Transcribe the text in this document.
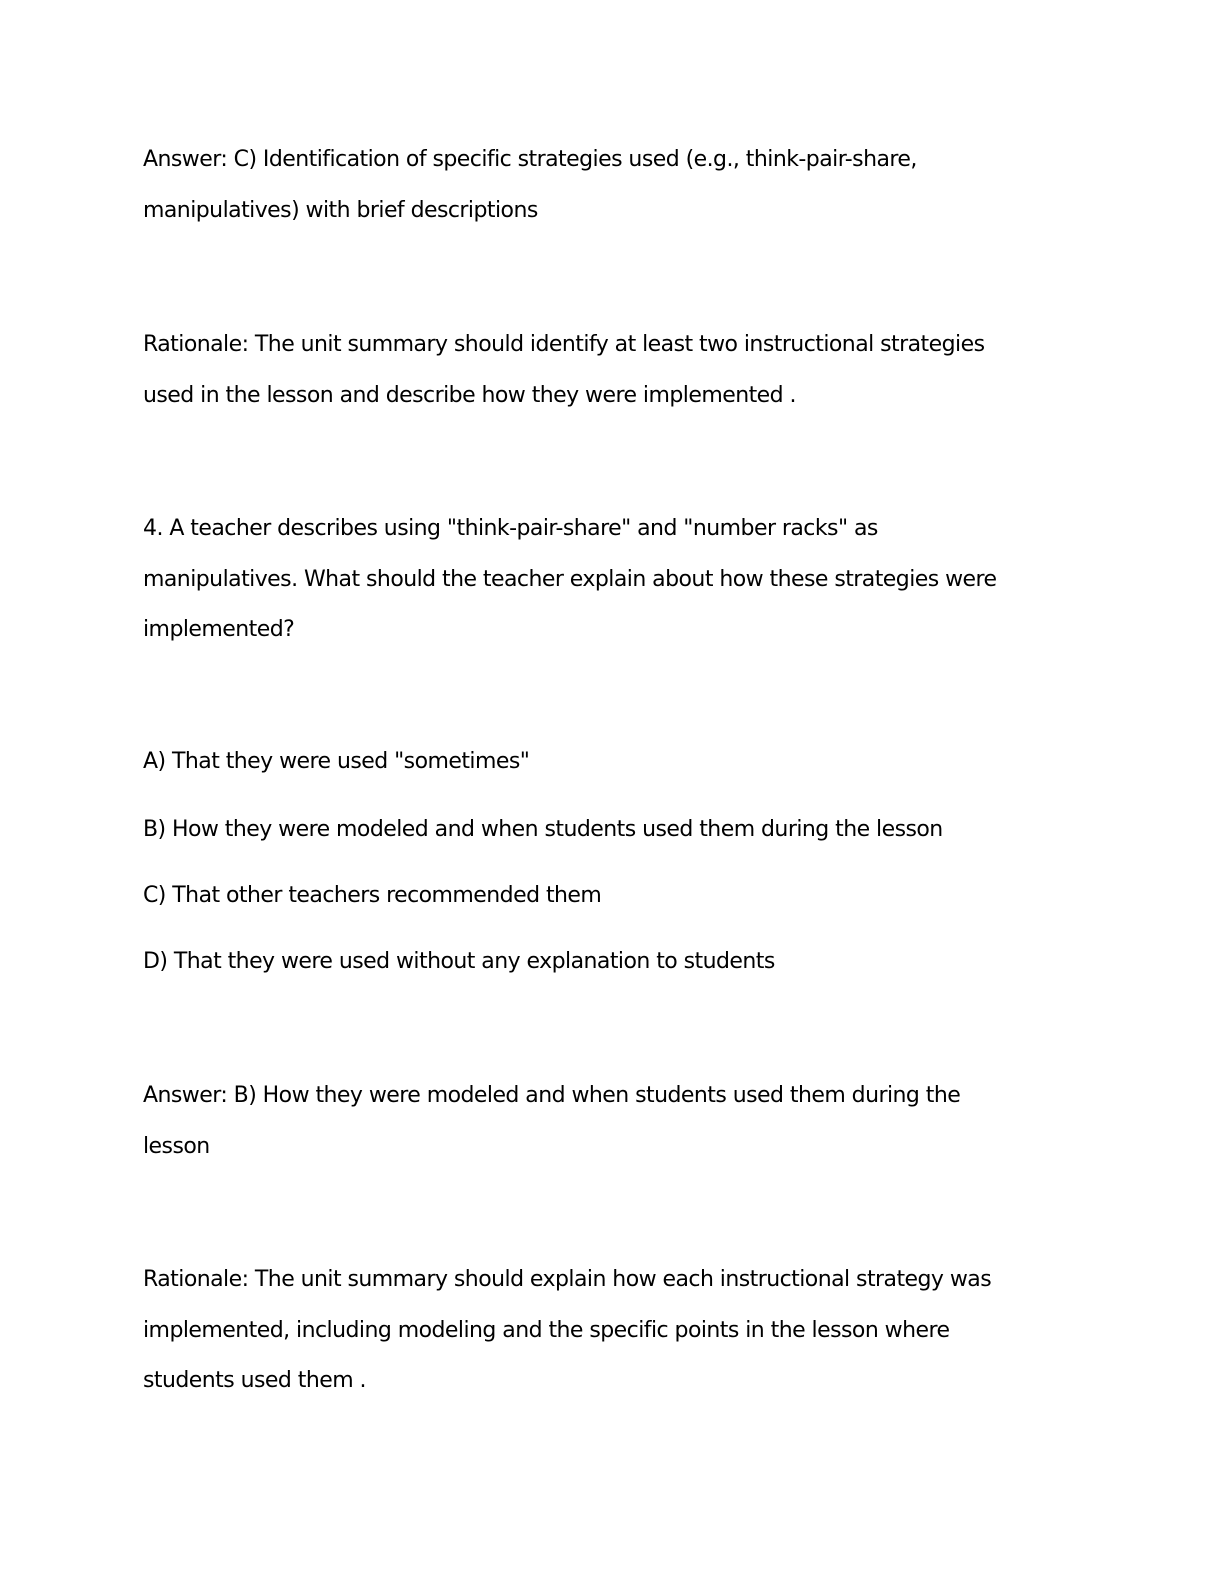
Answer: C) Identification of specific strategies used (e.g., think-pair-share,
manipulatives) with brief descriptions

Rationale: The unit summary should identify at least two instructional strategies
used in the lesson and describe how they were implemented .

4. A teacher describes using "think-pair-share" and "number racks" as
manipulatives. What should the teacher explain about how these strategies were
implemented?

A) That they were used "sometimes"

B) How they were modeled and when students used them during the lesson

C) That other teachers recommended them

D) That they were used without any explanation to students

Answer: B) How they were modeled and when students used them during the
lesson

Rationale: The unit summary should explain how each instructional strategy was
implemented, including modeling and the specific points in the lesson where
students used them .
